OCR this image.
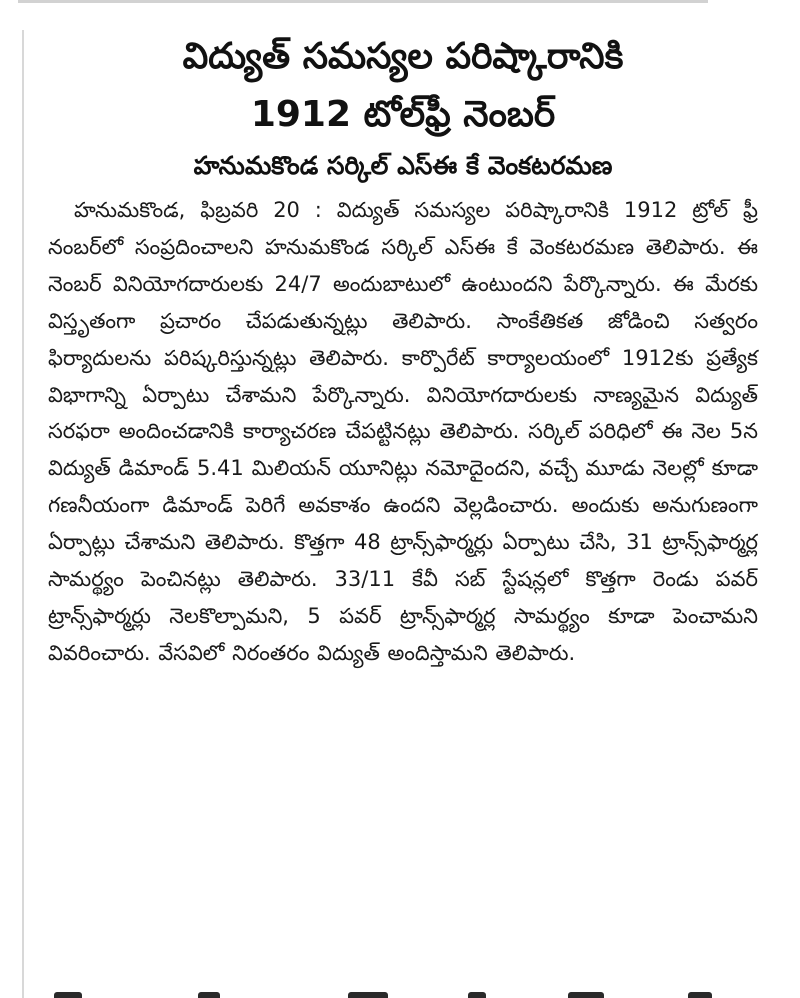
విద్యుత్ సమస్యల పరిష్కారానికి
1912 టోల్‌ఫ్రీ నెంబర్
హనుమకొండ సర్కిల్ ఎస్ఈ కే వెంకటరమణ

హనుమకొండ, ఫిబ్రవరి 20 : విద్యుత్ సమస్యల పరిష్కారానికి 1912 ట్రోల్ ఫ్రీ నంబర్‌లో సంప్రదించాలని హనుమకొండ సర్కిల్ ఎస్ఈ కే వెంకటరమణ తెలిపారు. ఈ నెంబర్ వినియోగదారులకు 24/7 అందుబాటులో ఉంటుందని పేర్కొన్నారు. ఈ మేరకు విస్తృతంగా ప్రచారం చేపడుతున్నట్లు తెలిపారు. సాంకేతికత జోడించి సత్వరం ఫిర్యాదులను పరిష్కరిస్తున్నట్లు తెలిపారు. కార్పొరేట్ కార్యాలయంలో 1912కు ప్రత్యేక విభాగాన్ని ఏర్పాటు చేశామని పేర్కొన్నారు. వినియోగదారులకు నాణ్యమైన విద్యుత్ సరఫరా అందించడానికి కార్యాచరణ చేపట్టినట్లు తెలిపారు. సర్కిల్ పరిధిలో ఈ నెల 5న విద్యుత్ డిమాండ్ 5.41 మిలియన్ యూనిట్లు నమోదైందని, వచ్చే మూడు నెలల్లో కూడా గణనీయంగా డిమాండ్ పెరిగే అవకాశం ఉందని వెల్లడించారు. అందుకు అనుగుణంగా ఏర్పాట్లు చేశామని తెలిపారు. కొత్తగా 48 ట్రాన్స్‌ఫార్మర్లు ఏర్పాటు చేసి, 31 ట్రాన్స్‌ఫార్మర్ల సామర్థ్యం పెంచినట్లు తెలిపారు. 33/11 కేవీ సబ్ స్టేషన్లలో కొత్తగా రెండు పవర్ ట్రాన్స్‌ఫార్మర్లు నెలకొల్పామని, 5 పవర్ ట్రాన్స్‌ఫార్మర్ల సామర్థ్యం కూడా పెంచామని వివరించారు. వేసవిలో నిరంతరం విద్యుత్ అందిస్తామని తెలిపారు.
